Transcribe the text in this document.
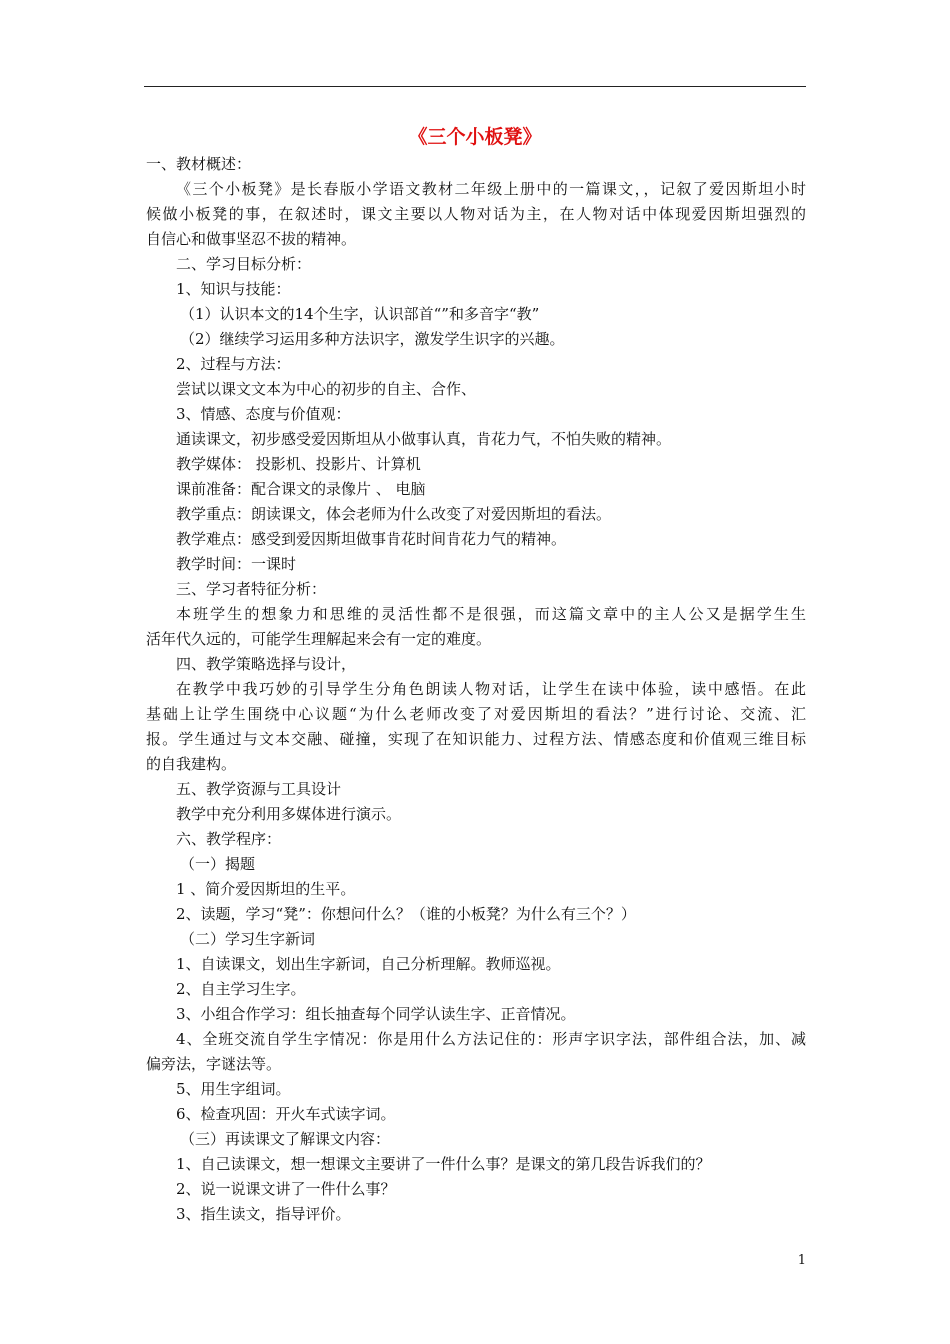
《三个小板凳》
一、教材概述：
《三个小板凳》是长春版小学语文教材二年级上册中的一篇课文，，记叙了爱因斯坦小时
候做小板凳的事，在叙述时，课文主要以人物对话为主，在人物对话中体现爱因斯坦强烈的
自信心和做事坚忍不拔的精神。
二、学习目标分析：
1、知识与技能：
（1）认识本文的14个生字，认识部首“”和多音字“教”
（2）继续学习运用多种方法识字，激发学生识字的兴趣。
2、过程与方法：
尝试以课文文本为中心的初步的自主、合作、
3、情感、态度与价值观：
通读课文，初步感受爱因斯坦从小做事认真，肯花力气，不怕失败的精神。
教学媒体： 投影机、投影片、计算机
课前准备：配合课文的录像片 、 电脑
教学重点：朗读课文，体会老师为什么改变了对爱因斯坦的看法。
教学难点：感受到爱因斯坦做事肯花时间肯花力气的精神。
教学时间：一课时
三、学习者特征分析：
本班学生的想象力和思维的灵活性都不是很强，而这篇文章中的主人公又是据学生生
活年代久远的，可能学生理解起来会有一定的难度。
四、教学策略选择与设计，
在教学中我巧妙的引导学生分角色朗读人物对话，让学生在读中体验，读中感悟。在此
基础上让学生围绕中心议题“为什么老师改变了对爱因斯坦的看法？”进行讨论、交流、汇
报。学生通过与文本交融、碰撞，实现了在知识能力、过程方法、情感态度和价值观三维目标
的自我建构。
五、教学资源与工具设计
教学中充分利用多媒体进行演示。
六、教学程序：
（一）揭题
1 、简介爱因斯坦的生平。
2、读题，学习“凳”：你想问什么？（谁的小板凳？为什么有三个？）
（二）学习生字新词
1、自读课文，划出生字新词，自己分析理解。教师巡视。
2、自主学习生字。
3、小组合作学习：组长抽查每个同学认读生字、正音情况。
4、全班交流自学生字情况：你是用什么方法记住的：形声字识字法，部件组合法，加、减
偏旁法，字谜法等。
5、用生字组词。
6、检查巩固：开火车式读字词。
（三）再读课文了解课文内容：
1、自己读课文，想一想课文主要讲了一件什么事？是课文的第几段告诉我们的？
2、说一说课文讲了一件什么事？
3、指生读文，指导评价。
1
